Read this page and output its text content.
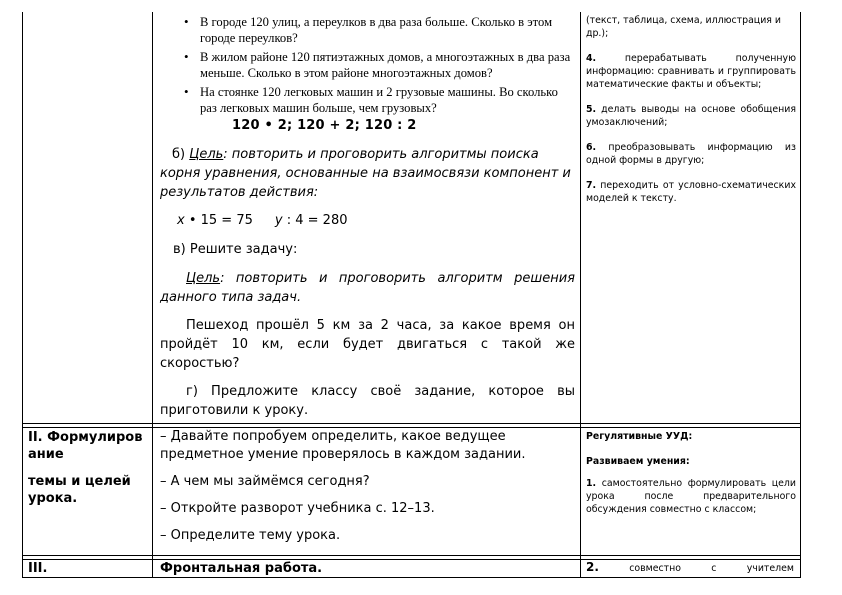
• В городе 120 улиц, а переулков в два раза больше. Сколько в этом городе переулков?
• В жилом районе 120 пятиэтажных домов, а многоэтажных в два раза меньше. Сколько в этом районе многоэтажных домов?
• На стоянке 120 легковых машин и 2 грузовые машины. Во сколько раз легковых машин больше, чем грузовых?
120 • 2; 120 + 2; 120 : 2
б) Цель: повторить и проговорить алгоритмы поиска корня уравнения, основанные на взаимосвязи компонент и результатов действия:
x • 15 = 75 y : 4 = 280
в) Решите задачу:
Цель: повторить и проговорить алгоритм решения данного типа задач.
Пешеход прошёл 5 км за 2 часа, за какое время он пройдёт 10 км, если будет двигаться с такой же скоростью?
г) Предложите классу своё задание, которое вы приготовили к уроку.

(текст, таблица, схема, иллюстрация и др.);

4. перерабатывать полученную информацию: сравнивать и группировать математические факты и объекты;

5. делать выводы на основе обобщения умозаключений;

6. преобразовывать информацию из одной формы в другую;

7. переходить от условно-схематических моделей к тексту.

II. Формулирование
темы и целей урока.
– Давайте попробуем определить, какое ведущее предметное умение проверялось в каждом задании.
– А чем мы займёмся сегодня?
– Откройте разворот учебника с. 12–13.
– Определите тему урока.

Регулятивные УУД:

Развиваем умения:

1. самостоятельно формулировать цели урока после предварительного обсуждения совместно с классом;

III.	Фронтальная работа.	2. совместно с учителем
